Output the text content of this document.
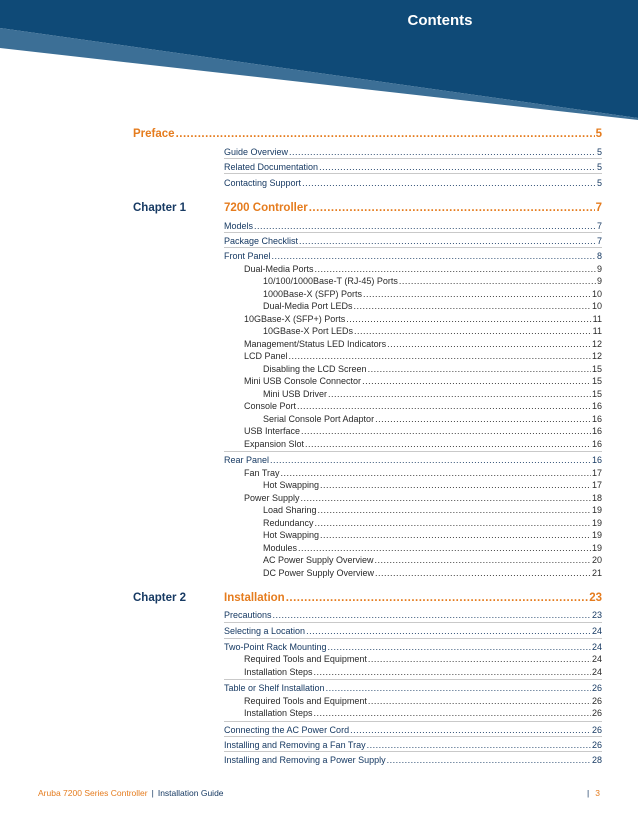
Contents
Preface .....	5
Guide Overview .....	5
Related Documentation .....	5
Contacting Support .....	5
Chapter 1	7200 Controller .....	7
Models .....	7
Package Checklist .....	7
Front Panel .....	8
Dual-Media Ports .....	9
10/100/1000Base-T (RJ-45) Ports .....	9
1000Base-X (SFP) Ports .....	10
Dual-Media Port LEDs .....	10
10GBase-X (SFP+) Ports .....	11
10GBase-X Port LEDs .....	11
Management/Status LED Indicators .....	12
LCD Panel .....	12
Disabling the LCD Screen .....	15
Mini USB Console Connector .....	15
Mini USB Driver .....	15
Console Port .....	16
Serial Console Port Adaptor .....	16
USB Interface .....	16
Expansion Slot .....	16
Rear Panel .....	16
Fan Tray .....	17
Hot Swapping .....	17
Power Supply .....	18
Load Sharing .....	19
Redundancy .....	19
Hot Swapping .....	19
Modules .....	19
AC Power Supply Overview .....	20
DC Power Supply Overview .....	21
Chapter 2	Installation .....	23
Precautions .....	23
Selecting a Location .....	24
Two-Point Rack Mounting .....	24
Required Tools and Equipment .....	24
Installation Steps .....	24
Table or Shelf Installation .....	26
Required Tools and Equipment .....	26
Installation Steps .....	26
Connecting the AC Power Cord .....	26
Installing and Removing a Fan Tray .....	26
Installing and Removing a Power Supply .....	28
Aruba 7200 Series Controller | Installation Guide	| 3
